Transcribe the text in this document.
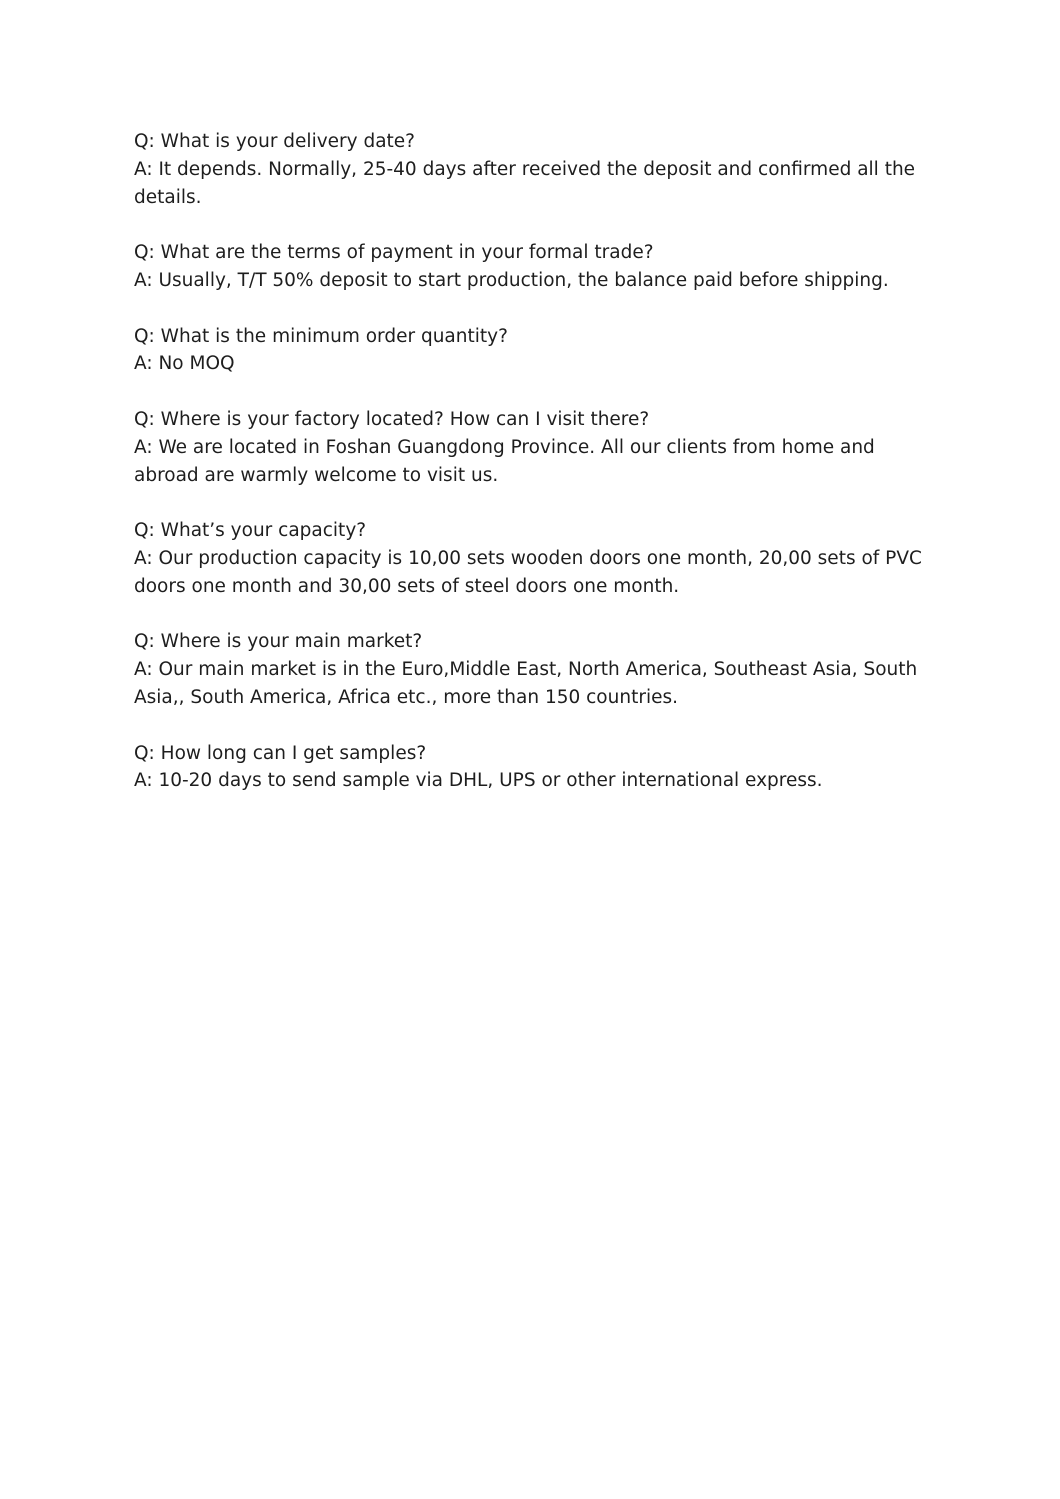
Q: What is your delivery date?

A: It depends. Normally, 25-40 days after received the deposit and confirmed all the details.

Q: What are the terms of payment in your formal trade?

A: Usually, T/T 50% deposit to start production, the balance paid before shipping.

Q: What is the minimum order quantity?

A: No MOQ

Q: Where is your factory located? How can I visit there?

A: We are located in Foshan Guangdong Province. All our clients from home and abroad are warmly welcome to visit us.

Q: What’s your capacity?

A: Our production capacity is 10,00 sets wooden doors one month, 20,00 sets of PVC doors one month and 30,00 sets of steel doors one month.

Q: Where is your main market?

A: Our main market is in the Euro,Middle East, North America, Southeast Asia, South Asia,, South America, Africa etc., more than 150 countries.

Q: How long can I get samples?

A: 10-20 days to send sample via DHL, UPS or other international express.
